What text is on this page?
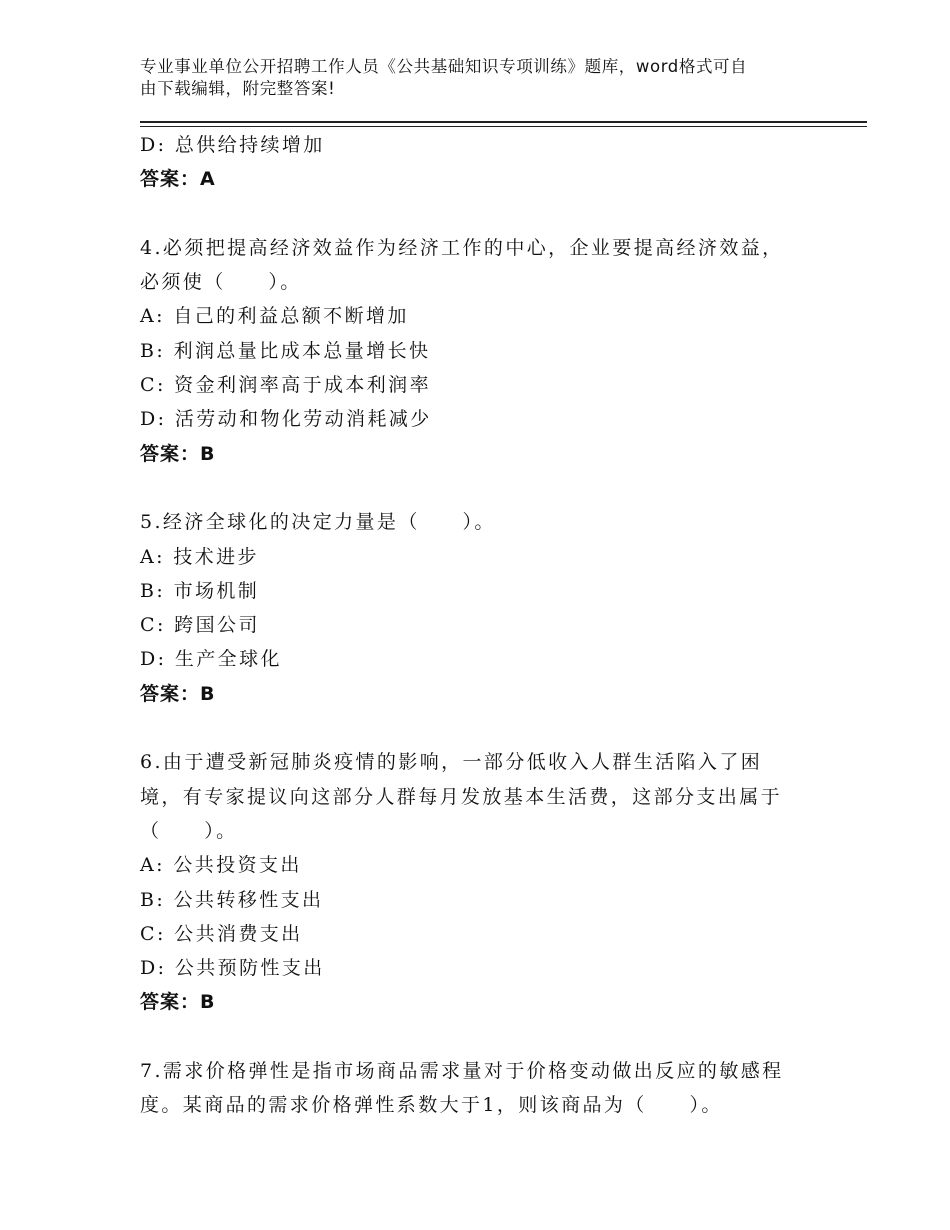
专业事业单位公开招聘工作人员《公共基础知识专项训练》题库，word格式可自
由下载编辑，附完整答案!
D: 总供给持续增加
答案：A
4.必须把提高经济效益作为经济工作的中心，企业要提高经济效益，
必须使（　　）。
A: 自己的利益总额不断增加
B: 利润总量比成本总量增长快
C: 资金利润率高于成本利润率
D: 活劳动和物化劳动消耗减少
答案：B
5.经济全球化的决定力量是（　　）。
A: 技术进步
B: 市场机制
C: 跨国公司
D: 生产全球化
答案：B
6.由于遭受新冠肺炎疫情的影响，一部分低收入人群生活陷入了困
境，有专家提议向这部分人群每月发放基本生活费，这部分支出属于
（　　）。
A: 公共投资支出
B: 公共转移性支出
C: 公共消费支出
D: 公共预防性支出
答案：B
7.需求价格弹性是指市场商品需求量对于价格变动做出反应的敏感程
度。某商品的需求价格弹性系数大于1，则该商品为（　　）。
